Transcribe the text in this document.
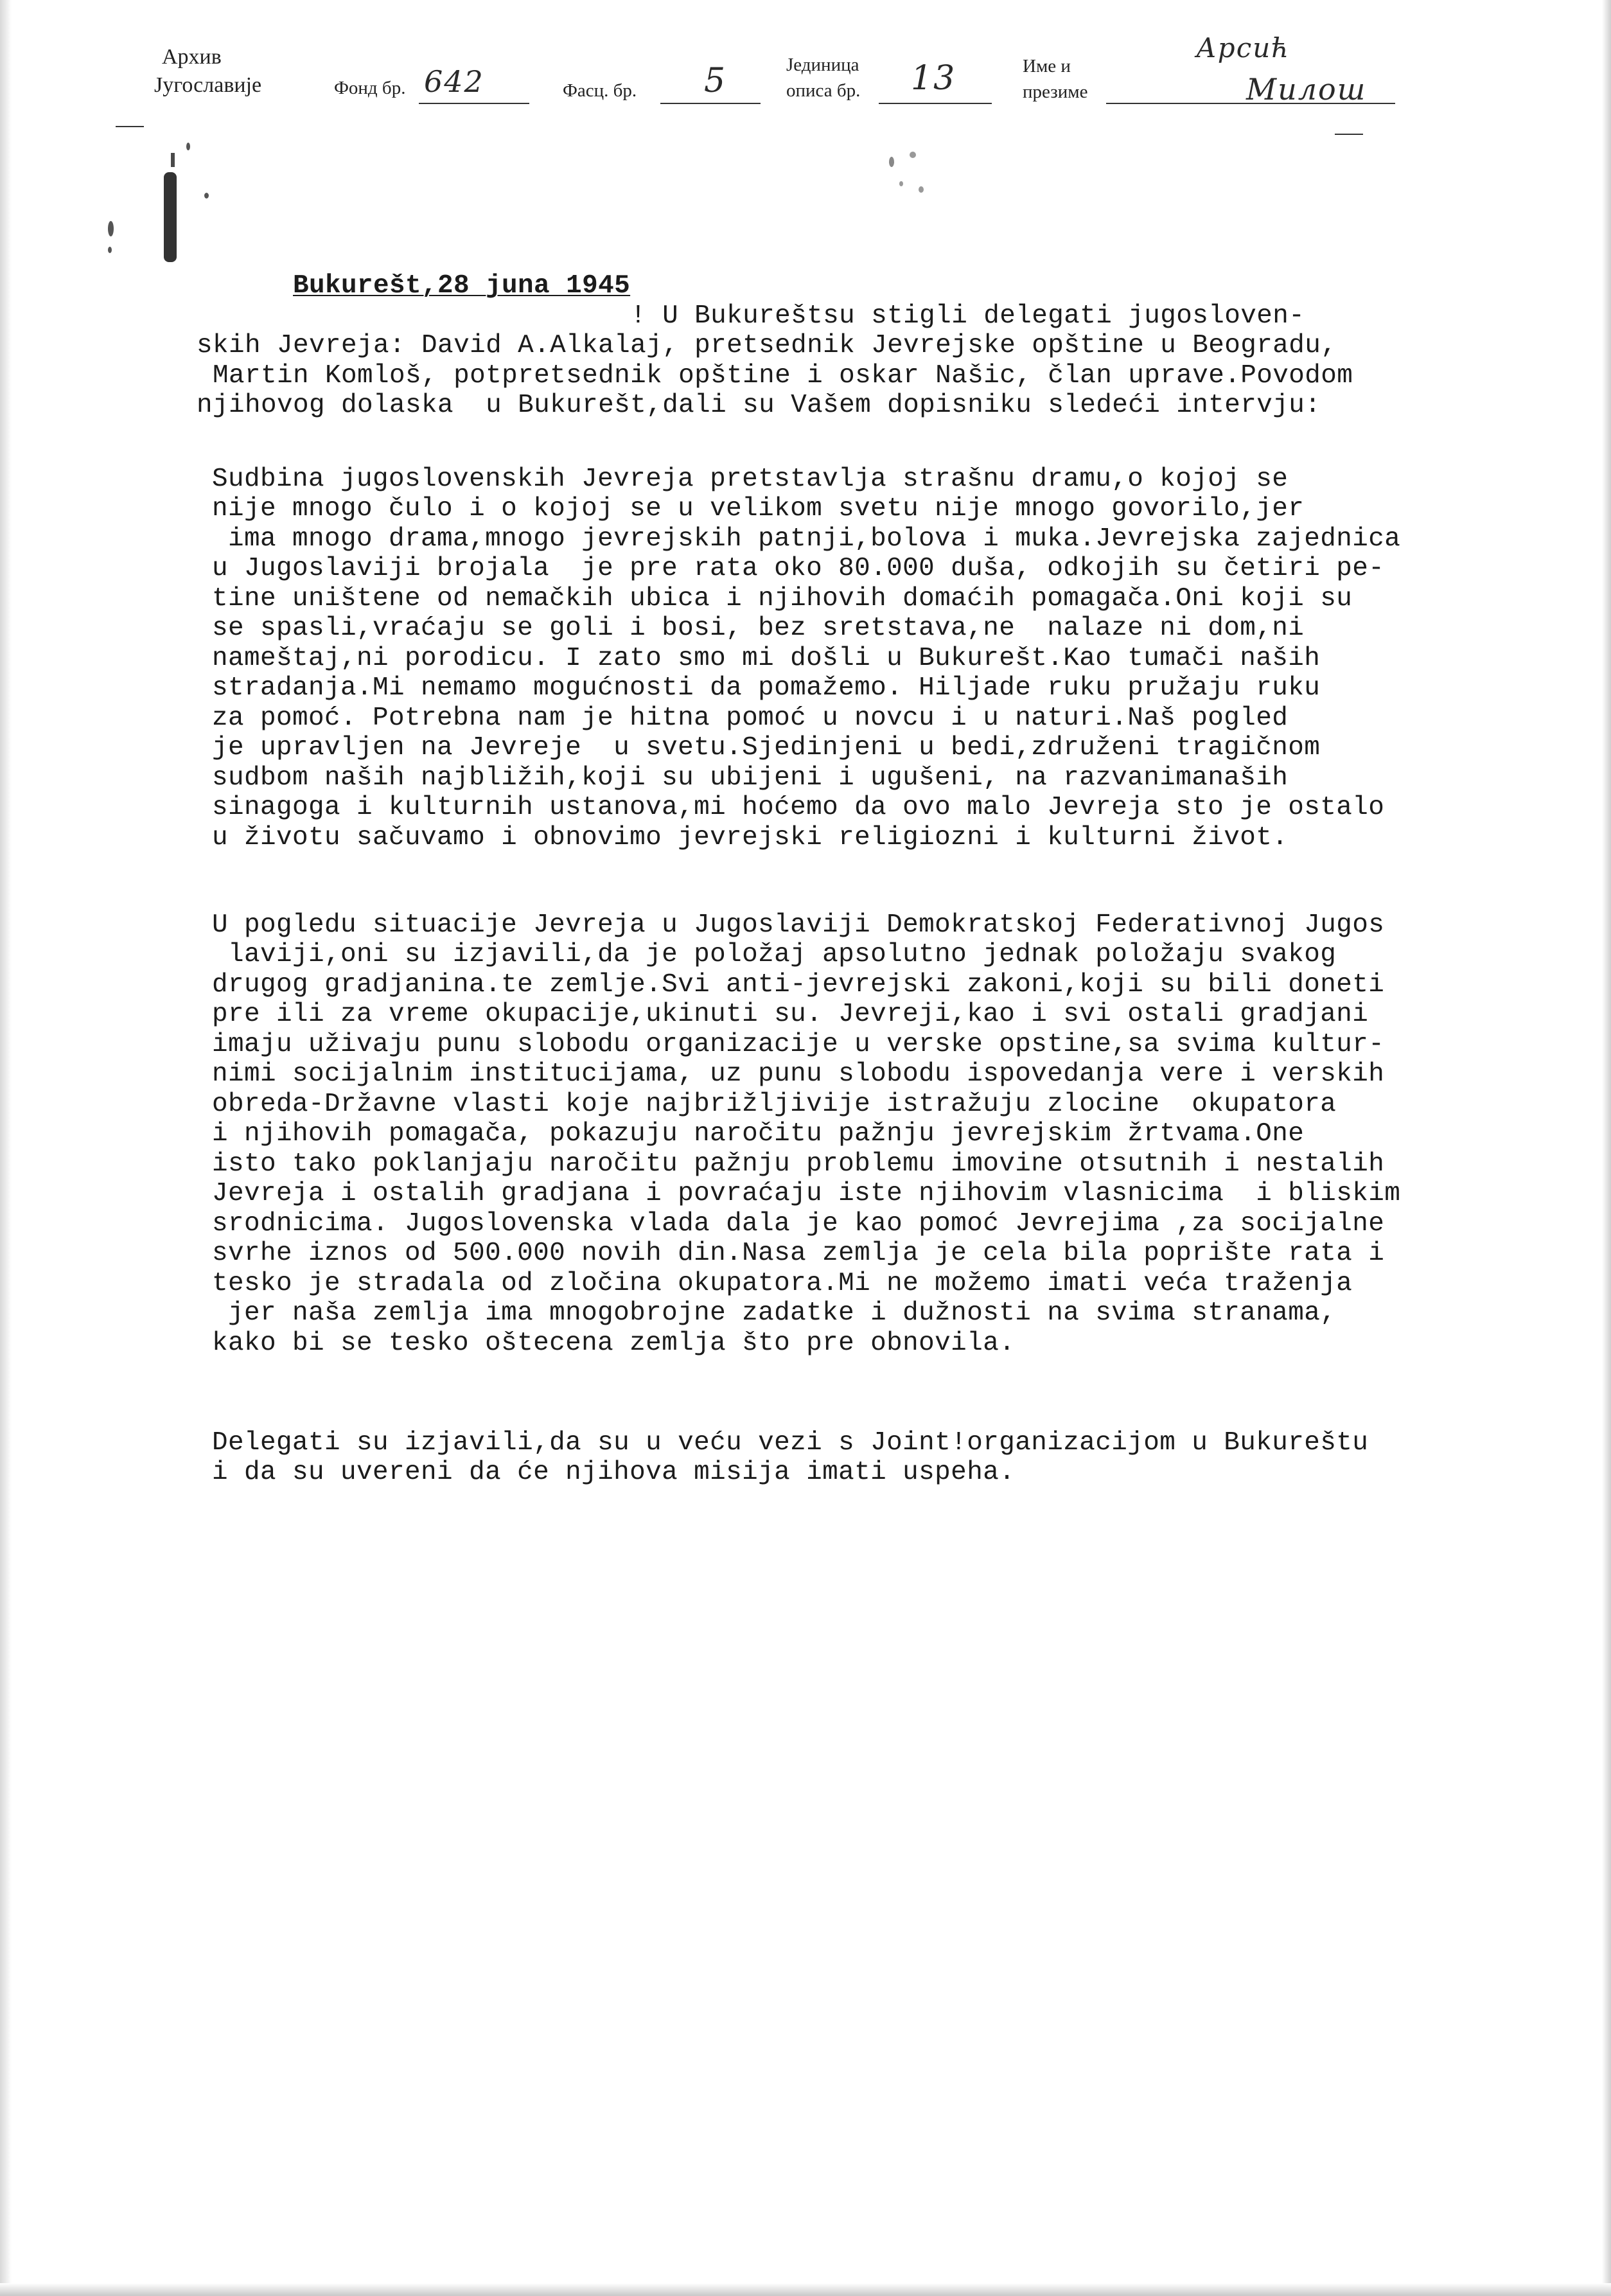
Архив
Југославије	Фонд бр. 642	Фасц. бр. 5	Јединица
описа бр. 13	Име и
презиме
Арсић
Милош
Bukurešt,28 juna 1945

! U Bukureštsu stigli delegati jugosloven-
skih Jevreja: David A.Alkalaj, pretsednik Jevrejske opštine u Beogradu,
Martin Komloš, potpretsednik opštine i oskar Našic, član uprave.Povodom
njihovog dolaska  u Bukurešt,dali su Vašem dopisniku sledeći intervju:

Sudbina jugoslovenskih Jevreja pretstavlja strašnu dramu,o kojoj se
nije mnogo čulo i o kojoj se u velikom svetu nije mnogo govorilo,jer
ima mnogo drama,mnogo jevrejskih patnji,bolova i muka.Jevrejska zajednica
u Jugoslaviji brojala  je pre rata oko 80.000 duša, odkojih su četiri pe-
tine uništene od nemačkih ubica i njihovih domaćih pomagača.Oni koji su
se spasli,vraćaju se goli i bosi, bez sretstava,ne  nalaze ni dom,ni
nameštaj,ni porodicu. I zato smo mi došli u Bukurešt.Kao tumači naših
stradanja.Mi nemamo mogućnosti da pomažemo. Hiljade ruku pružaju ruku
za pomoć. Potrebna nam je hitna pomoć u novcu i u naturi.Naš pogled
je upravljen na Jevreje  u svetu.Sjedinjeni u bedi,združeni tragičnom
sudbom naših najbližih,koji su ubijeni i ugušeni, na razvanimanaših
sinagoga i kulturnih ustanova,mi hoćemo da ovo malo Jevreja sto je ostalo
u životu sačuvamo i obnovimo jevrejski religiozni i kulturni život.

U pogledu situacije Jevreja u Jugoslaviji Demokratskoj Federativnoj Jugos
laviji,oni su izjavili,da je položaj apsolutno jednak položaju svakog
drugog gradjanina.te zemlje.Svi anti-jevrejski zakoni,koji su bili doneti
pre ili za vreme okupacije,ukinuti su. Jevreji,kao i svi ostali gradjani
imaju uživaju punu slobodu organizacije u verske opstine,sa svima kultur-
nimi socijalnim institucijama, uz punu slobodu ispovedanja vere i verskih
obreda-Državne vlasti koje najbrižljivije istražuju zlocine  okupatora
i njihovih pomagača, pokazuju naročitu pažnju jevrejskim žrtvama.One
isto tako poklanjaju naročitu pažnju problemu imovine otsutnih i nestalih
Jevreja i ostalih gradjana i povraćaju iste njihovim vlasnicima  i bliskim
srodnicima. Jugoslovenska vlada dala je kao pomoć Jevrejima ,za socijalne
svrhe iznos od 500.000 novih din.Nasa zemlja je cela bila poprište rata i
tesko je stradala od zločina okupatora.Mi ne možemo imati veća traženja
jer naša zemlja ima mnogobrojne zadatke i dužnosti na svima stranama,
kako bi se tesko oštecena zemlja što pre obnovila.

Delegati su izjavili,da su u veću vezi s Joint!organizacijom u Bukureštu
i da su uvereni da će njihova misija imati uspeha.
